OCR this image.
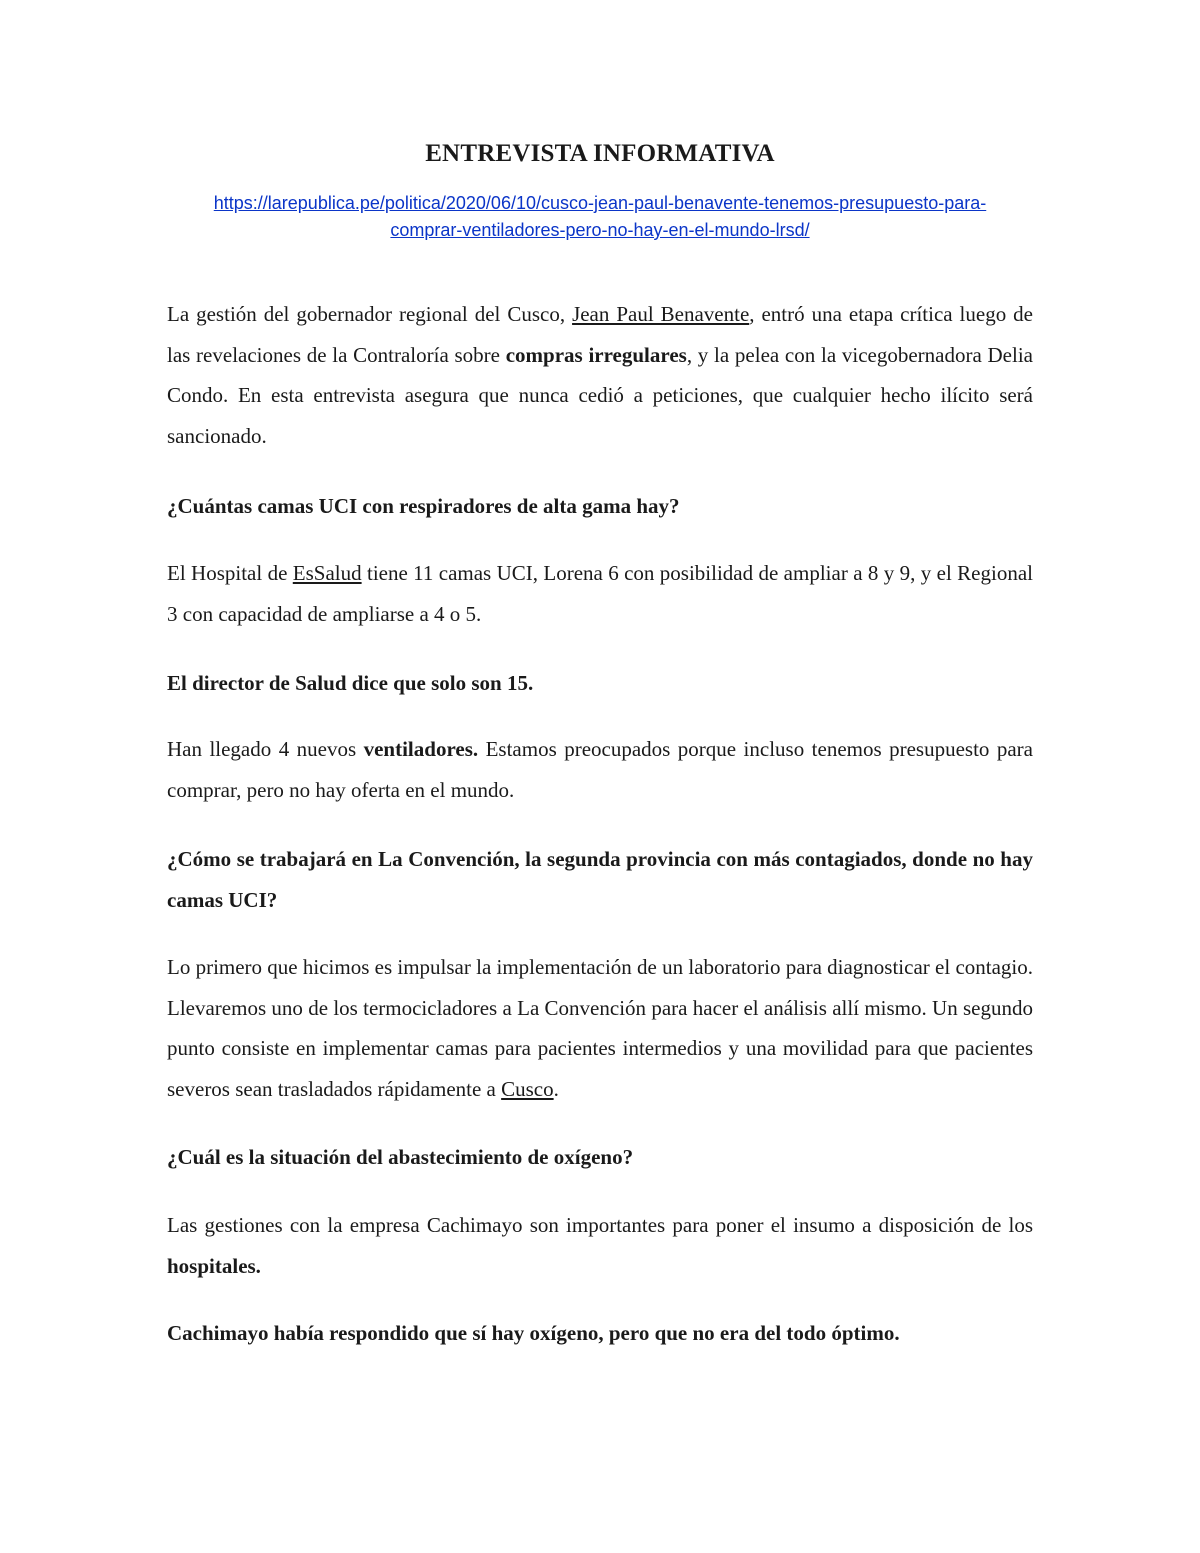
ENTREVISTA INFORMATIVA
https://larepublica.pe/politica/2020/06/10/cusco-jean-paul-benavente-tenemos-presupuesto-para-
comprar-ventiladores-pero-no-hay-en-el-mundo-lrsd/

La gestión del gobernador regional del Cusco, Jean Paul Benavente, entró una etapa crítica luego de las revelaciones de la Contraloría sobre compras irregulares, y la pelea con la vicegobernadora Delia Condo. En esta entrevista asegura que nunca cedió a peticiones, que cualquier hecho ilícito será sancionado.

¿Cuántas camas UCI con respiradores de alta gama hay?

El Hospital de EsSalud tiene 11 camas UCI, Lorena 6 con posibilidad de ampliar a 8 y 9, y el Regional 3 con capacidad de ampliarse a 4 o 5.

El director de Salud dice que solo son 15.

Han llegado 4 nuevos ventiladores. Estamos preocupados porque incluso tenemos presupuesto para comprar, pero no hay oferta en el mundo.

¿Cómo se trabajará en La Convención, la segunda provincia con más contagiados, donde no hay camas UCI?

Lo primero que hicimos es impulsar la implementación de un laboratorio para diagnosticar el contagio. Llevaremos uno de los termocicladores a La Convención para hacer el análisis allí mismo. Un segundo punto consiste en implementar camas para pacientes intermedios y una movilidad para que pacientes severos sean trasladados rápidamente a Cusco.

¿Cuál es la situación del abastecimiento de oxígeno?

Las gestiones con la empresa Cachimayo son importantes para poner el insumo a disposición de los hospitales.

Cachimayo había respondido que sí hay oxígeno, pero que no era del todo óptimo.
